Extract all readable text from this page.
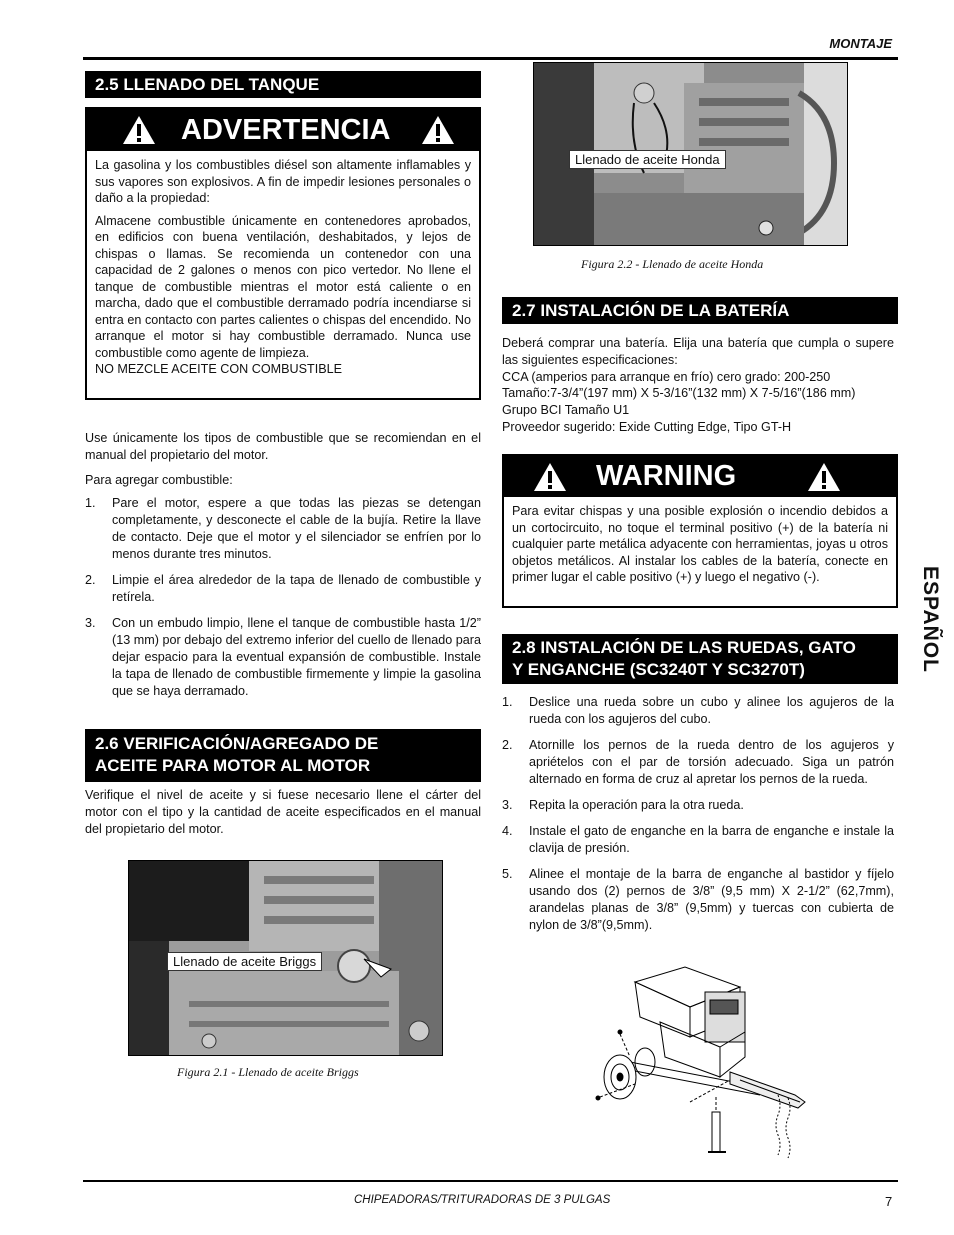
MONTAJE
2.5 LLENADO DEL TANQUE
ADVERTENCIA

La gasolina y los combustibles diésel son altamente inflamables y sus vapores son explosivos. A fin de impedir lesiones personales o daño a la propiedad:

Almacene combustible únicamente en contenedores aprobados, en edificios con buena ventilación, deshabitados, y lejos de chispas o llamas. Se recomienda un contenedor con una capacidad de 2 galones o menos con pico vertedor. No llene el tanque de combustible mientras el motor está caliente o en marcha, dado que el combustible derramado podría incendiarse si entra en contacto con partes calientes o chispas del encendido. No arranque el motor si hay combustible derramado. Nunca use combustible como agente de limpieza.

NO MEZCLE ACEITE CON COMBUSTIBLE

Use únicamente los tipos de combustible que se recomiendan en el manual del propietario del motor.

Para agregar combustible:

1.	Pare el motor, espere a que todas las piezas se detengan completamente, y desconecte el cable de la bujía. Retire la llave de contacto. Deje que el motor y el silenciador se enfríen por lo menos durante tres minutos.
2.	Limpie el área alrededor de la tapa de llenado de combustible y retírela.
3.	Con un embudo limpio, llene el tanque de combustible hasta 1/2” (13 mm) por debajo del extremo inferior del cuello de llenado para dejar espacio para la eventual expansión de combustible. Instale la tapa de llenado de combustible firmemente y limpie la gasolina que se haya derramado.
2.6 VERIFICACIÓN/AGREGADO DE
ACEITE PARA MOTOR AL MOTOR
Verifique el nivel de aceite y si fuese necesario llene el cárter del motor con el tipo y la cantidad de aceite especificados en el manual del propietario del motor.
Llenado de aceite Briggs
Figura 2.1 - Llenado de aceite Briggs
Llenado de aceite Honda
Figura 2.2 - Llenado de aceite Honda
2.7 INSTALACIÓN DE LA BATERÍA
Deberá comprar una batería. Elija una batería que cumpla o supere las siguientes especificaciones:
CCA (amperios para arranque en frío) cero grado: 200-250
Tamaño:7-3/4”(197 mm) X 5-3/16”(132 mm) X 7-5/16”(186 mm)
Grupo BCI Tamaño U1
Proveedor sugerido: Exide Cutting Edge, Tipo GT-H
WARNING
Para evitar chispas y una posible explosión o incendio debidos a un cortocircuito, no toque el terminal positivo (+) de la batería ni cualquier parte metálica adyacente con herramientas, joyas u otros objetos metálicos. Al instalar los cables de la batería, conecte en primer lugar el cable positivo (+) y luego el negativo (-).
2.8 INSTALACIÓN DE LAS RUEDAS, GATO
Y ENGANCHE (SC3240T Y SC3270T)
1.	Deslice una rueda sobre un cubo y alinee los agujeros de la rueda con los agujeros del cubo.
2.	Atornille los pernos de la rueda dentro de los agujeros y apriételos con el par de torsión adecuado. Siga un patrón alternado en forma de cruz al apretar los pernos de la rueda.
3.	Repita la operación para la otra rueda.
4.	Instale el gato de enganche en la barra de enganche e instale la clavija de presión.
5.	Alinee el montaje de la barra de enganche al bastidor y fíjelo usando dos (2) pernos de 3/8” (9,5 mm) X 2-1/2” (62,7mm), arandelas planas de 3/8” (9,5mm) y tuercas con cubierta de nylon de 3/8”(9,5mm).
ESPAÑOL
CHIPEADORAS/TRITURADORAS DE 3 PULGAS	7
